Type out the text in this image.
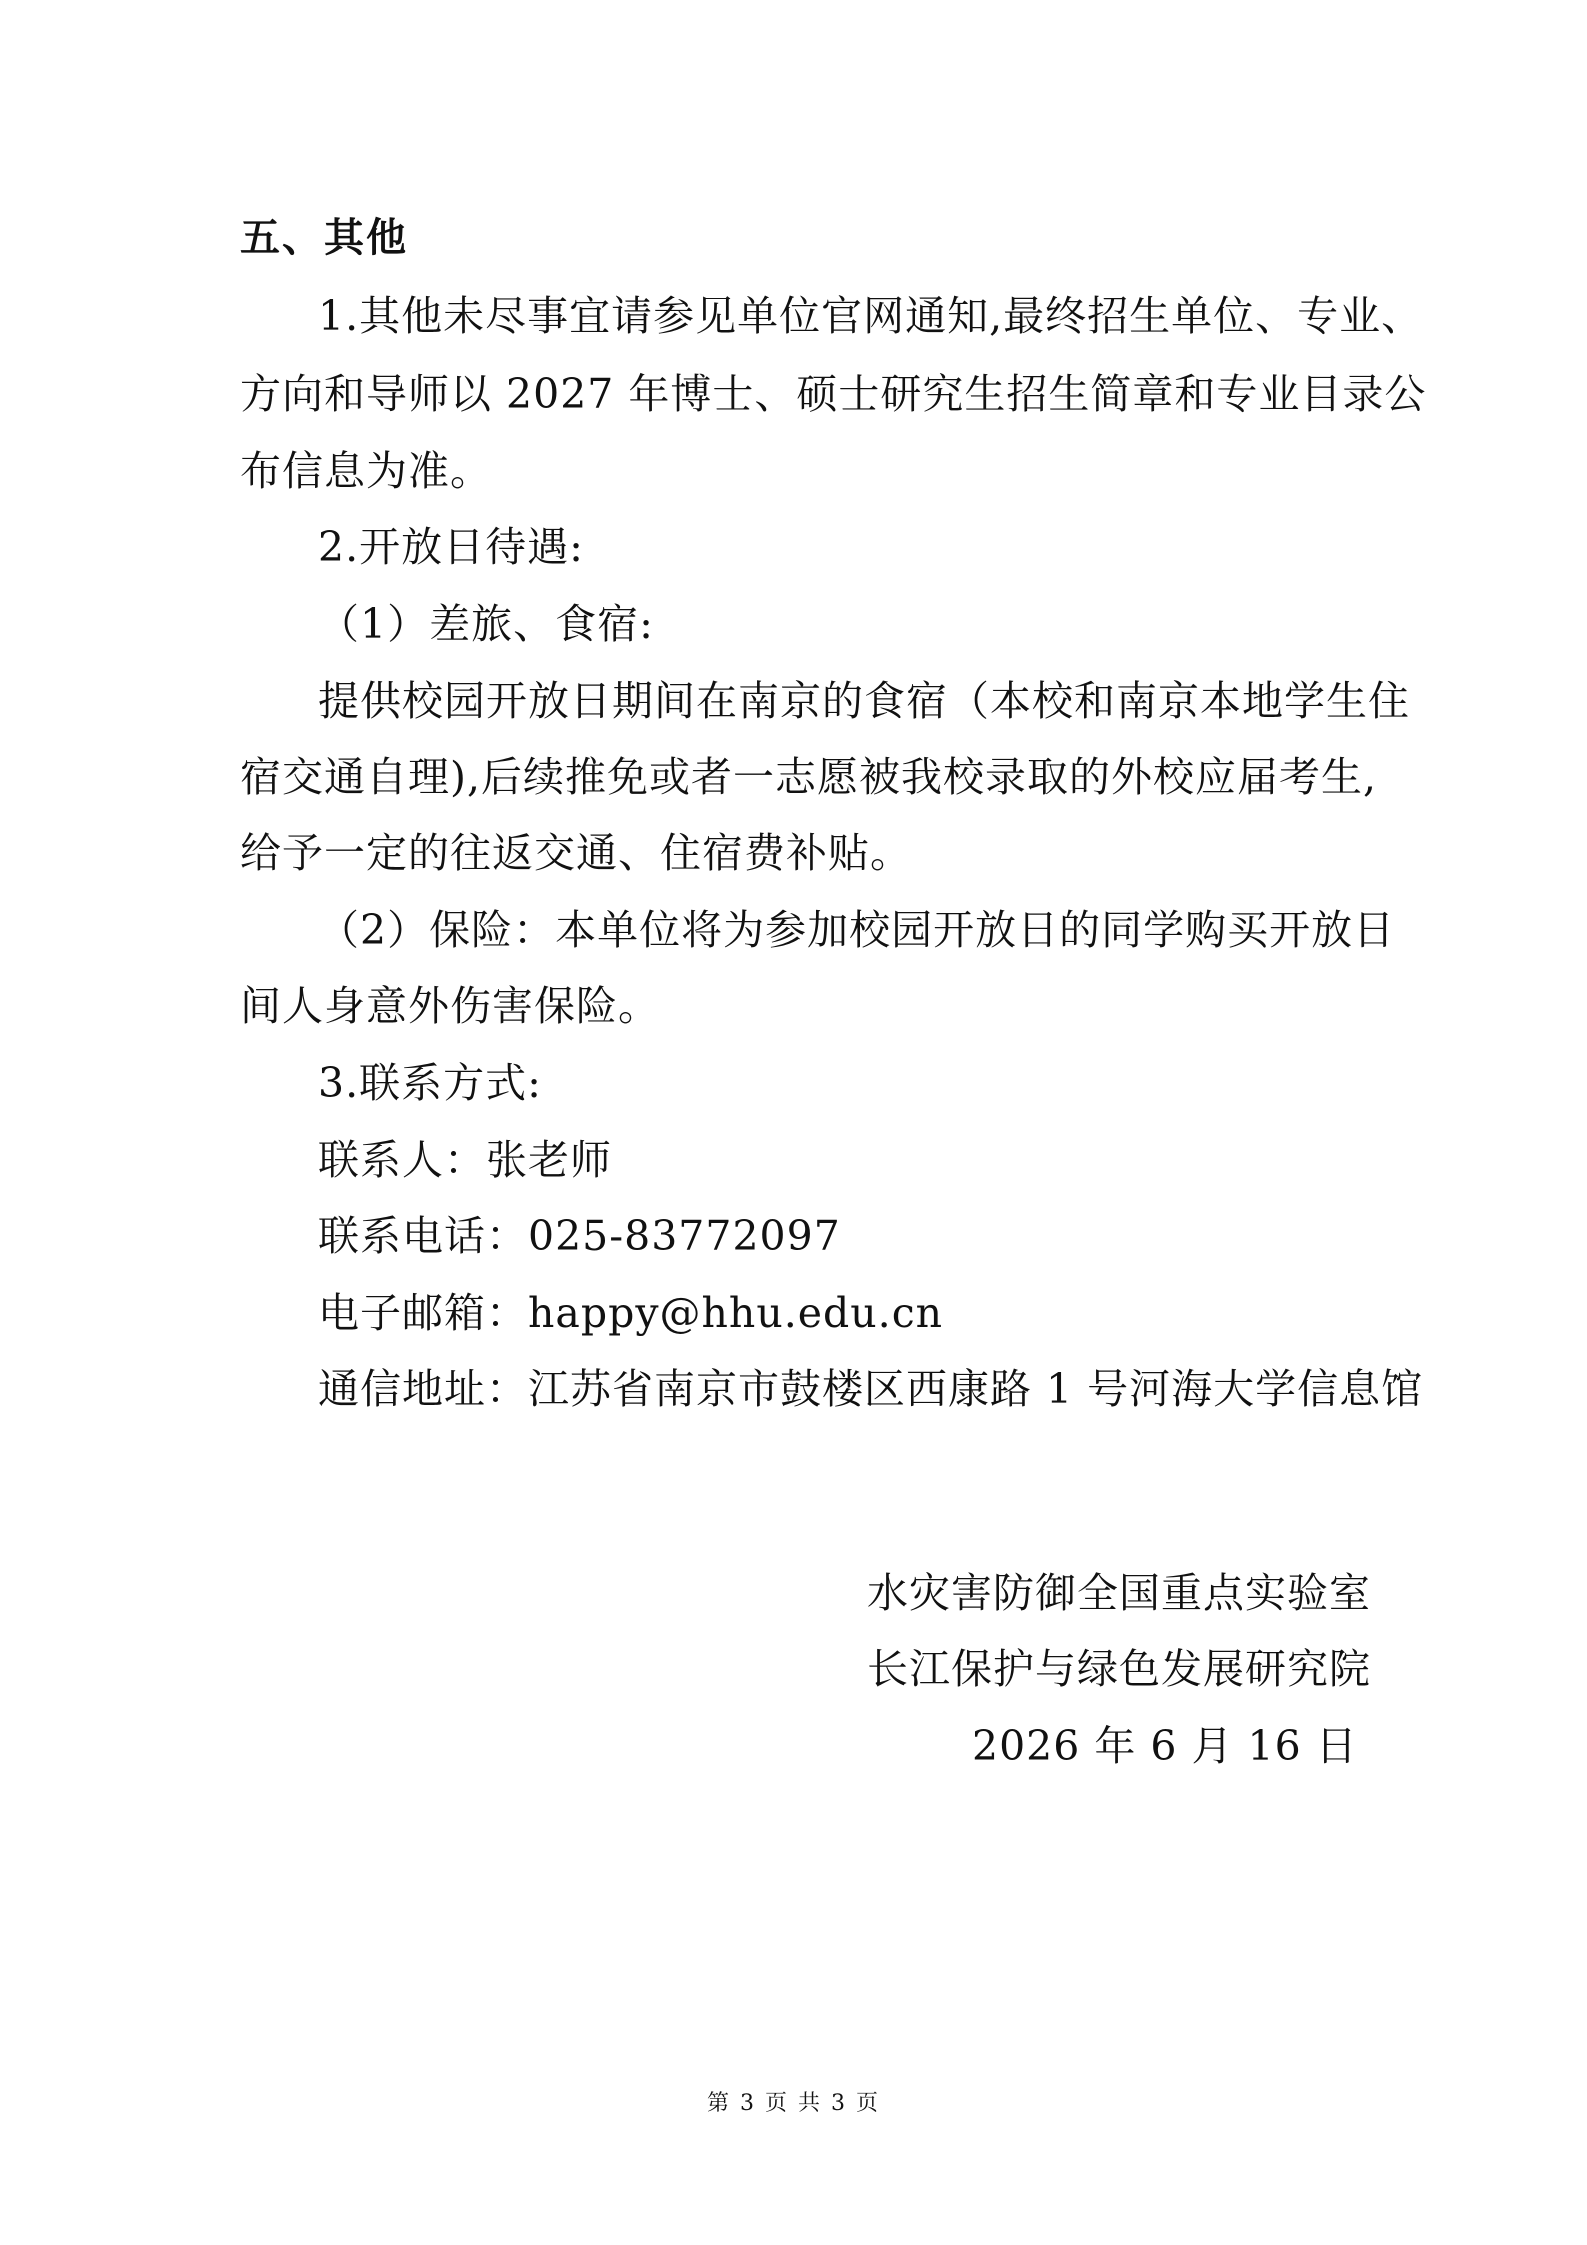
五、其他
1.其他未尽事宜请参见单位官网通知,最终招生单位、专业、
方向和导师以 2027 年博士、硕士研究生招生简章和专业目录公
布信息为准。
2.开放日待遇:
（1）差旅、食宿:
提供校园开放日期间在南京的食宿（本校和南京本地学生住
宿交通自理),后续推免或者一志愿被我校录取的外校应届考生,
给予一定的往返交通、住宿费补贴。
（2）保险：本单位将为参加校园开放日的同学购买开放日
间人身意外伤害保险。
3.联系方式:
联系人：张老师
联系电话：025-83772097
电子邮箱：happy@hhu.edu.cn
通信地址：江苏省南京市鼓楼区西康路 1 号河海大学信息馆
水灾害防御全国重点实验室
长江保护与绿色发展研究院
2026 年 6 月 16 日
第 3 页 共 3 页
